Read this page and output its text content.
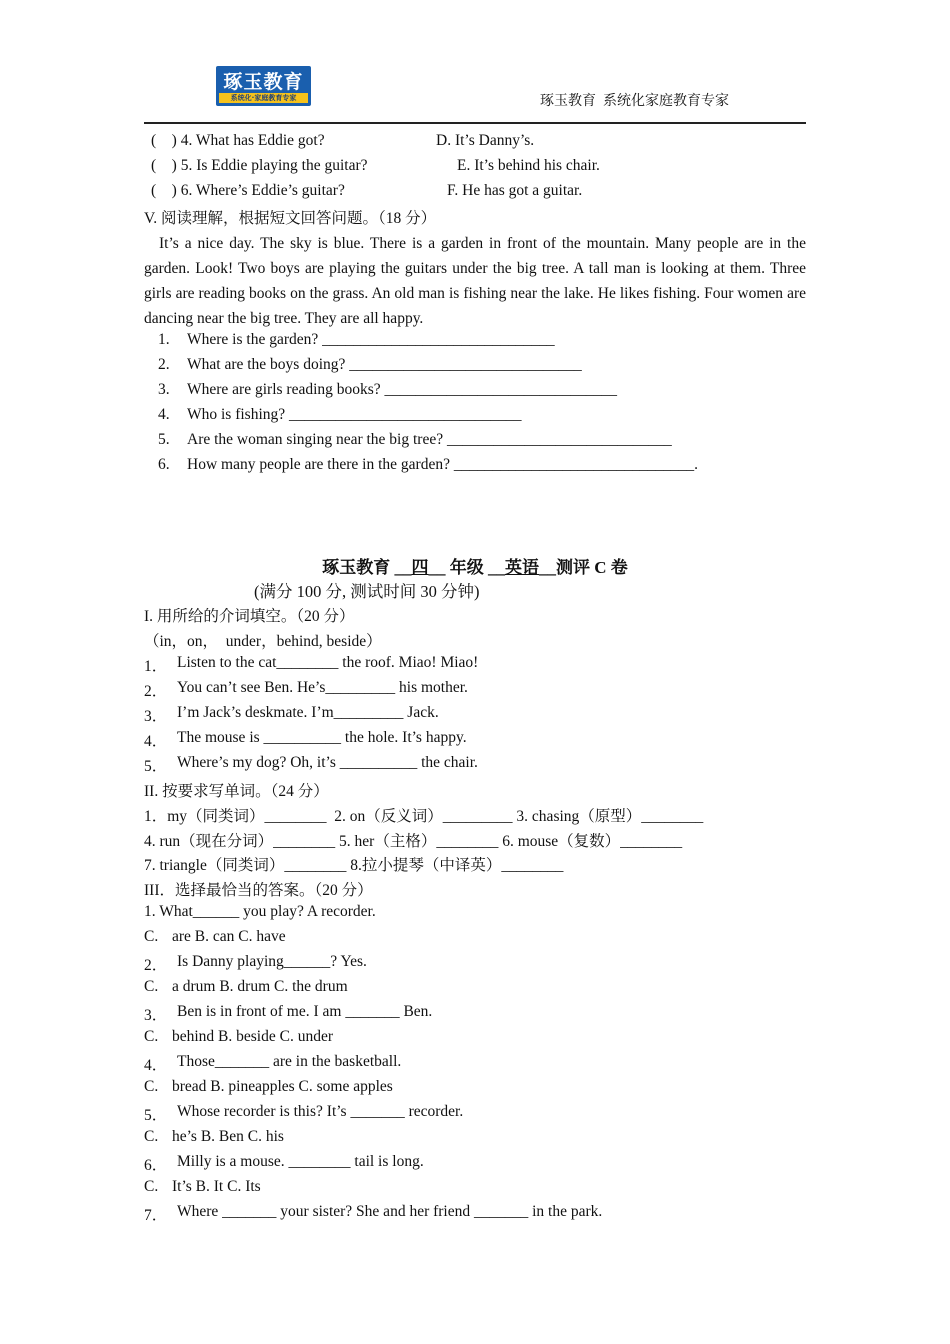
琢玉教育
系统化·家庭教育专家	琢玉教育  系统化家庭教育专家
(    ) 4. What has Eddie got?	D. It’s Danny’s.
(    ) 5. Is Eddie playing the guitar?	E. It’s behind his chair.
(    ) 6. Where’s Eddie’s guitar?	F. He has got a guitar.
V. 阅读理解，根据短文回答问题。（18 分）
It’s a nice day. The sky is blue. There is a garden in front of the mountain. Many people are in the garden. Look! Two boys are playing the guitars under the big tree. A tall man is looking at them. Three girls are reading books on the grass. An old man is fishing near the lake. He likes fishing. Four women are dancing near the big tree. They are all happy.
1. Where is the garden? ______________________________
2. What are the boys doing? ______________________________
3. Where are girls reading books? ______________________________
4. Who is fishing? ______________________________
5. Are the woman singing near the big tree? _____________________________
6. How many people are there in the garden? _______________________________.
琢玉教育 __四__ 年级 __英语__测评 C 卷
(满分 100 分, 测试时间 30 分钟)
I. 用所给的介词填空。（20 分）
（in，on，  under，behind, beside）
1． Listen to the cat________ the roof. Miao! Miao!
2． You can’t see Ben. He’s_________ his mother.
3． I’m Jack’s deskmate. I’m_________ Jack.
4． The mouse is __________ the hole. It’s happy.
5． Where’s my dog? Oh, it’s __________ the chair.
II. 按要求写单词。（24 分）
1．my（同类词）________  2. on（反义词）_________ 3. chasing（原型）________
4. run（现在分词）________ 5. her（主格）________ 6. mouse（复数）________
7. triangle（同类词）________ 8.拉小提琴（中译英）________
III．选择最恰当的答案。（20 分）
1. What______ you play? A recorder.
C. are B. can C. have
2． Is Danny playing______? Yes.
C. a drum B. drum C. the drum
3． Ben is in front of me. I am _______ Ben.
C. behind B. beside C. under
4． Those_______ are in the basketball.
C. bread B. pineapples C. some apples
5． Whose recorder is this? It’s _______ recorder.
C. he’s B. Ben C. his
6． Milly is a mouse. ________ tail is long.
C. It’s B. It C. Its
7． Where _______ your sister? She and her friend _______ in the park.
